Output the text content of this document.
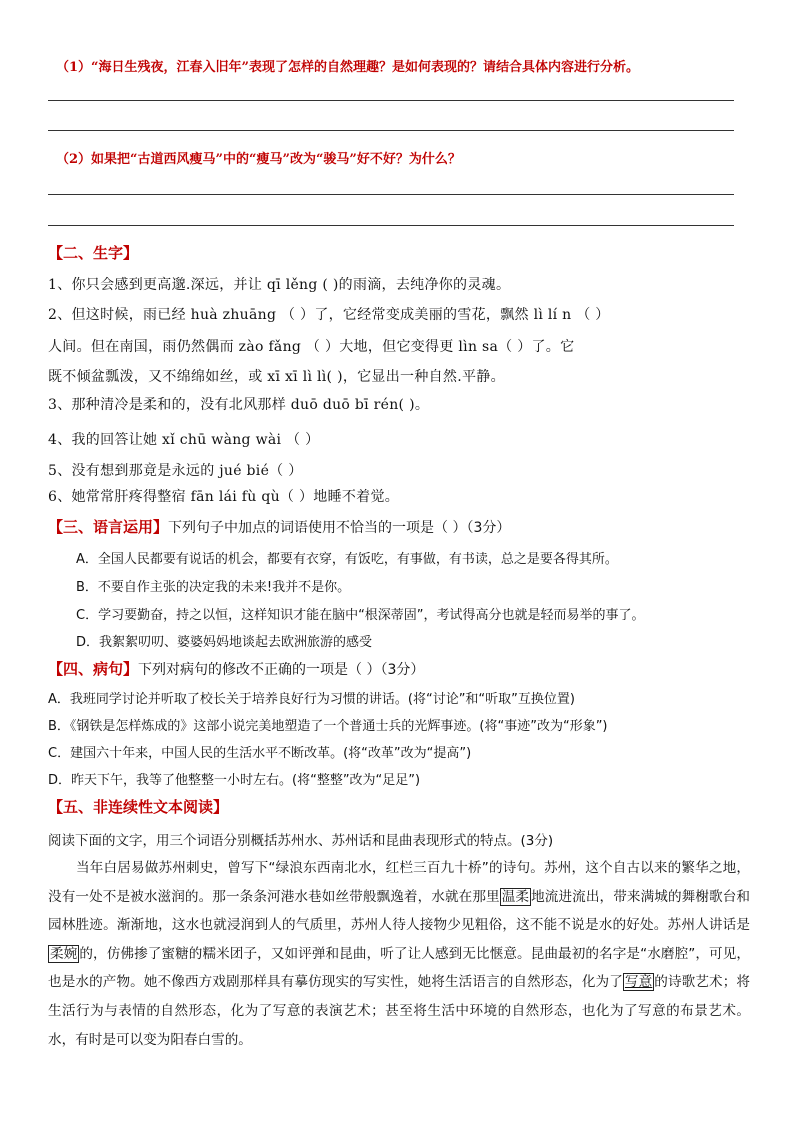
（1）“海日生残夜，江春入旧年”表现了怎样的自然理趣？是如何表现的？请结合具体内容进行分析。
（2）如果把“古道西风瘦马”中的“瘦马”改为“骏马”好不好？为什么？
【二、生字】
1、你只会感到更高邈.深远，并让 qī lěng ( )的雨滴，去纯净你的灵魂。
2、但这时候，雨已经 huà zhuāng （ ）了，它经常变成美丽的雪花，飘然 lì lí n （ ）
人间。但在南国，雨仍然偶而 zào fǎng （ ）大地，但它变得更 lìn sa（ ）了。它
既不倾盆瓢泼，又不绵绵如丝，或 xī xī lì lì( )，它显出一种自然.平静。
3、那种清冷是柔和的，没有北风那样 duō duō bī rén( )。
4、我的回答让她 xǐ chū wàng wài （ ）
5、没有想到那竟是永远的 jué bié（ ）
6、她常常肝疼得整宿 fān lái fù qù（ ）地睡不着觉。
【三、语言运用】下列句子中加点的词语使用不恰当的一项是（ ）（3分）
A．全国人民都要有说话的机会，都要有衣穿，有饭吃，有事做，有书读，总之是要各得其所。
B．不要自作主张的决定我的未来!我并不是你。
C．学习要勤奋，持之以恒，这样知识才能在脑中“根深蒂固”，考试得高分也就是轻而易举的事了。
D．我絮絮叨叨、婆婆妈妈地谈起去欧洲旅游的感受
【四、病句】下列对病句的修改不正确的一项是（ ）（3分）
A．我班同学讨论并听取了校长关于培养良好行为习惯的讲话。(将“讨论”和“听取”互换位置)
B．《钢铁是怎样炼成的》这部小说完美地塑造了一个普通士兵的光辉事迹。(将“事迹”改为“形象”)
C．建国六十年来，中国人民的生活水平不断改革。(将“改革”改为“提高”)
D．昨天下午，我等了他整整一小时左右。(将“整整”改为“足足”)
【五、非连续性文本阅读】
阅读下面的文字，用三个词语分别概括苏州水、苏州话和昆曲表现形式的特点。(3分)
当年白居易做苏州刺史，曾写下“绿浪东西南北水，红栏三百九十桥”的诗句。苏州，这个自古以来的繁华之地，没有一处不是被水滋润的。那一条条河港水巷如丝带般飘逸着，水就在那里 温柔 地流进流出，带来满城的舞榭歌台和园林胜迹。渐渐地，这水也就浸润到人的气质里，苏州人待人接物少见粗俗，这不能不说是水的好处。苏州人讲话是柔婉 的，仿佛掺了蜜糖的糯米团子，又如评弹和昆曲，听了让人感到无比惬意。昆曲最初的名字是“水磨腔”，可见，也是水的产物。她不像西方戏剧那样具有摹仿现实的写实性，她将生活语言的自然形态，化为了 写意 的诗歌艺术；将生活行为与表情的自然形态，化为了写意的表演艺术；甚至将生活中环境的自然形态，也化为了写意的布景艺术。水，有时是可以变为阳春白雪的。
